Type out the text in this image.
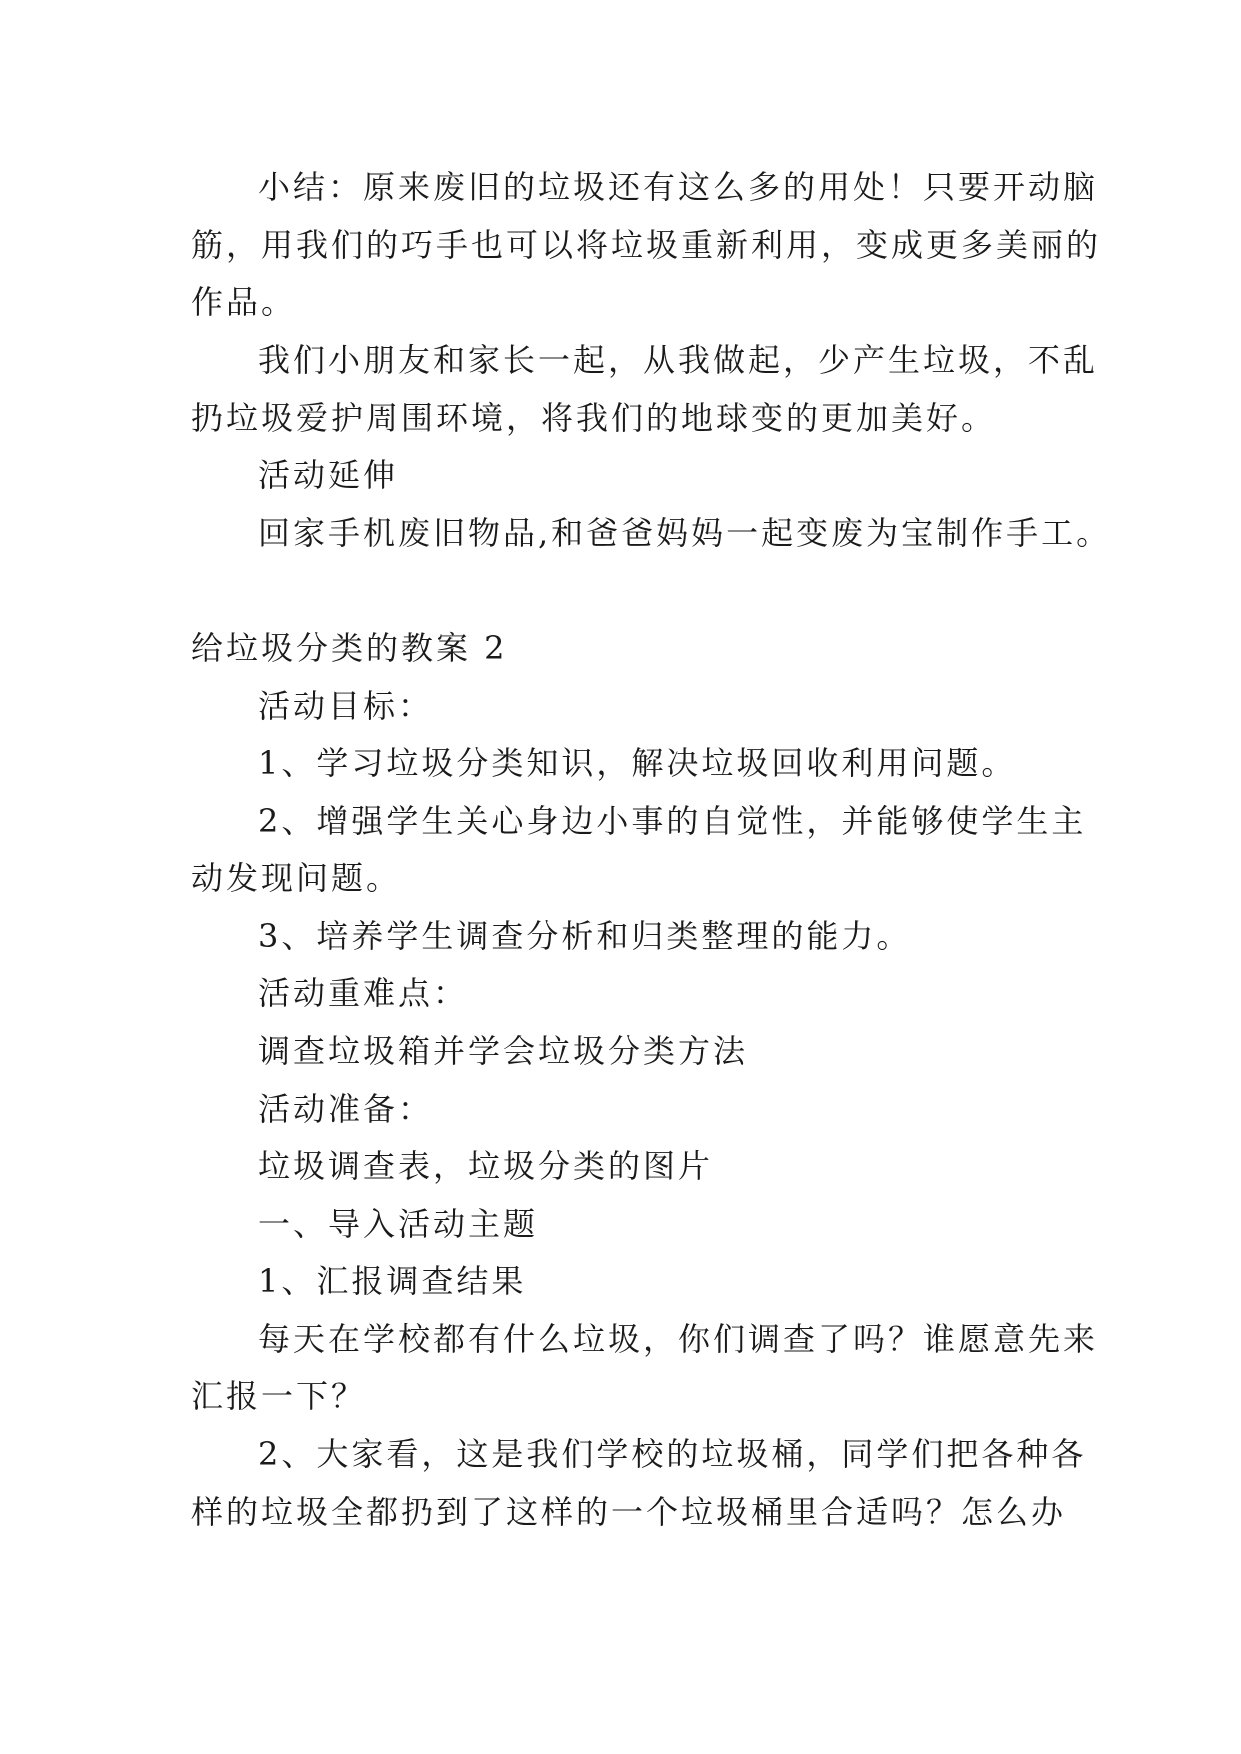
小结：原来废旧的垃圾还有这么多的用处！只要开动脑
筋，用我们的巧手也可以将垃圾重新利用，变成更多美丽的
作品。
我们小朋友和家长一起，从我做起，少产生垃圾，不乱
扔垃圾爱护周围环境，将我们的地球变的更加美好。
活动延伸
回家手机废旧物品,和爸爸妈妈一起变废为宝制作手工。
给垃圾分类的教案 2
活动目标：
1、学习垃圾分类知识，解决垃圾回收利用问题。
2、增强学生关心身边小事的自觉性，并能够使学生主
动发现问题。
3、培养学生调查分析和归类整理的能力。
活动重难点：
调查垃圾箱并学会垃圾分类方法
活动准备：
垃圾调查表，垃圾分类的图片
一、导入活动主题
1、汇报调查结果
每天在学校都有什么垃圾，你们调查了吗？谁愿意先来
汇报一下？
2、大家看，这是我们学校的垃圾桶，同学们把各种各
样的垃圾全都扔到了这样的一个垃圾桶里合适吗？怎么办
